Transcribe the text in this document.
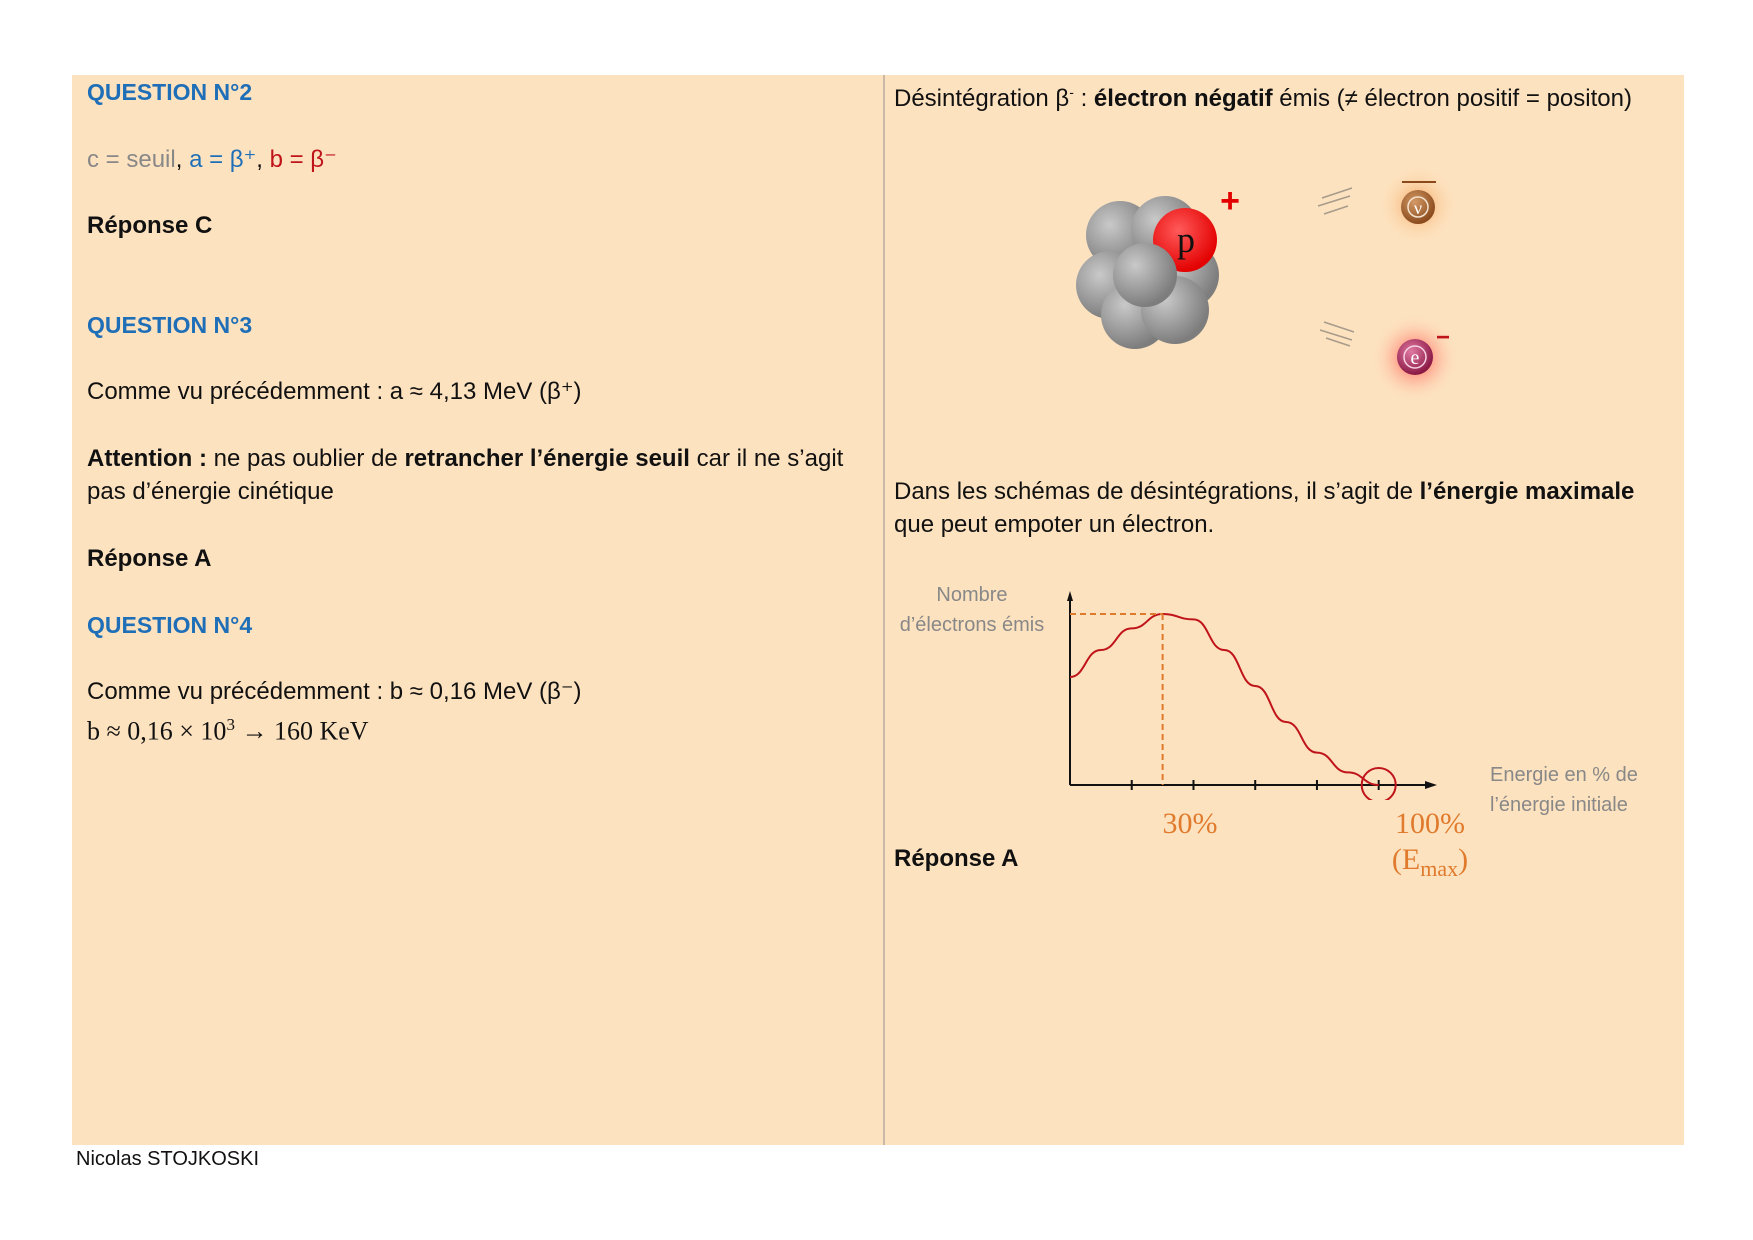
QUESTION N°2
c = seuil, a = β⁺, b = β⁻
Réponse C
QUESTION N°3
Comme vu précédemment : a ≈ 4,13 MeV (β⁺)
Attention : ne pas oublier de retrancher l’énergie seuil car il ne s’agit
pas d’énergie cinétique
Réponse A
QUESTION N°4
Comme vu précédemment : b ≈ 0,16 MeV (β⁻)
$b \approx 0,16 \times 10^3 \to 160$ KeV
Désintégration β- : électron négatif émis (≠ électron positif = positon)
p
+	ν
e
−
Dans les schémas de désintégrations, il s’agit de l’énergie maximale
que peut empoter un électron.
Nombre
d’électrons émis
Energie en % de
l’énergie initiale
30%	100%
$(E_{max})$
Réponse A
Nicolas STOJKOSKI
